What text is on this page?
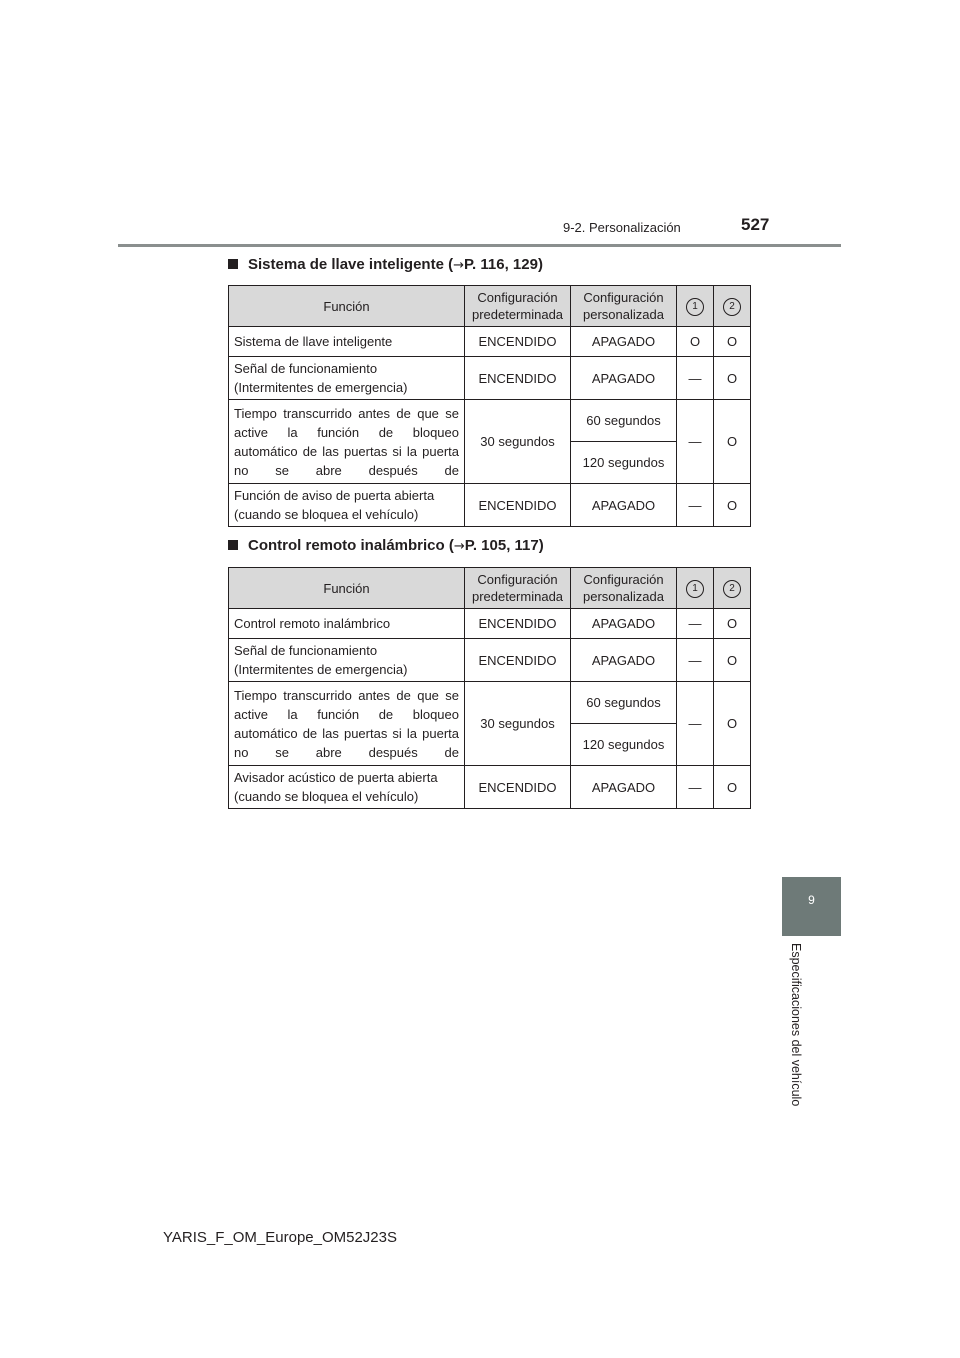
9-2. Personalización	527
9
Especificaciones del vehículo
Sistema de llave inteligente (→P. 116, 129)
Función	Configuración predeterminada	Configuración personalizada	1	2
Sistema de llave inteligente	ENCENDIDO	APAGADO	O	O
Señal de funcionamiento (Intermitentes de emergencia)	ENCENDIDO	APAGADO	—	O
Tiempo transcurrido antes de que se active la función de bloqueo automático de las puertas si la puerta no se abre después de	30 segundos	60 segundos	—	O
		120 segundos		
Función de aviso de puerta abierta (cuando se bloquea el vehículo)	ENCENDIDO	APAGADO	—	O
Control remoto inalámbrico (→P. 105, 117)
Función	Configuración predeterminada	Configuración personalizada	1	2
Control remoto inalámbrico	ENCENDIDO	APAGADO	—	O
Señal de funcionamiento (Intermitentes de emergencia)	ENCENDIDO	APAGADO	—	O
Tiempo transcurrido antes de que se active la función de bloqueo automático de las puertas si la puerta no se abre después de	30 segundos	60 segundos	—	O
		120 segundos		
Avisador acústico de puerta abierta (cuando se bloquea el vehículo)	ENCENDIDO	APAGADO	—	O
YARIS_F_OM_Europe_OM52J23S
